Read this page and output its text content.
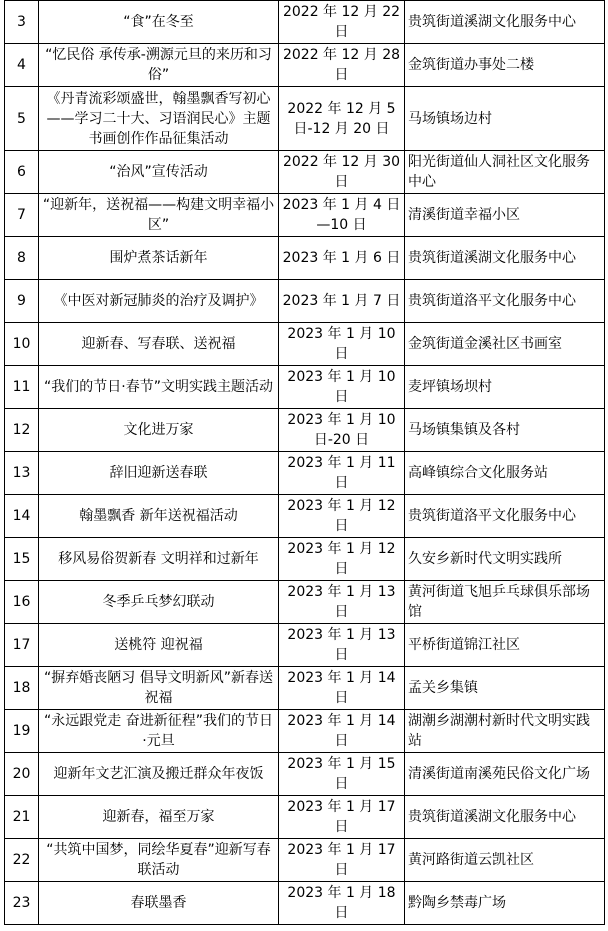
3	“食”在冬至	2022 年 12 月 22 日	贵筑街道溪湖文化服务中心
4	“忆民俗 承传承-溯源元旦的来历和习俗”	2022 年 12 月 28 日	金筑街道办事处二楼
5	《丹青流彩颂盛世，翰墨飘香写初心——学习二十大、习语润民心》主题书画创作作品征集活动	2022 年 12 月 5 日-12 月 20 日	马场镇场边村
6	“治风”宣传活动	2022 年 12 月 30 日	阳光街道仙人洞社区文化服务中心
7	“迎新年，送祝福——构建文明幸福小区”	2023 年 1 月 4 日—10 日	清溪街道幸福小区
8	围炉煮茶话新年	2023 年 1 月 6 日	贵筑街道溪湖文化服务中心
9	《中医对新冠肺炎的治疗及调护》	2023 年 1 月 7 日	贵筑街道洛平文化服务中心
10	迎新春、写春联、送祝福	2023 年 1 月 10 日	金筑街道金溪社区书画室
11	“我们的节日·春节”文明实践主题活动	2023 年 1 月 10 日	麦坪镇场坝村
12	文化进万家	2023 年 1 月 10 日-20 日	马场镇集镇及各村
13	辞旧迎新送春联	2023 年 1 月 11 日	高峰镇综合文化服务站
14	翰墨飘香 新年送祝福活动	2023 年 1 月 12 日	贵筑街道洛平文化服务中心
15	移风易俗贺新春 文明祥和过新年	2023 年 1 月 12 日	久安乡新时代文明实践所
16	冬季乒乓梦幻联动	2023 年 1 月 13 日	黄河街道飞旭乒乓球俱乐部场馆
17	送桃符 迎祝福	2023 年 1 月 13 日	平桥街道锦江社区
18	“摒弃婚丧陋习 倡导文明新风”新春送祝福	2023 年 1 月 14 日	孟关乡集镇
19	“永远跟党走 奋进新征程”我们的节日·元旦	2023 年 1 月 14 日	湖潮乡湖潮村新时代文明实践站
20	迎新年文艺汇演及搬迁群众年夜饭	2023 年 1 月 15 日	清溪街道南溪苑民俗文化广场
21	迎新春，福至万家	2023 年 1 月 17 日	贵筑街道溪湖文化服务中心
22	“共筑中国梦，同绘华夏春”迎新写春联活动	2023 年 1 月 17 日	黄河路街道云凯社区
23	春联墨香	2023 年 1 月 18 日	黔陶乡禁毒广场
